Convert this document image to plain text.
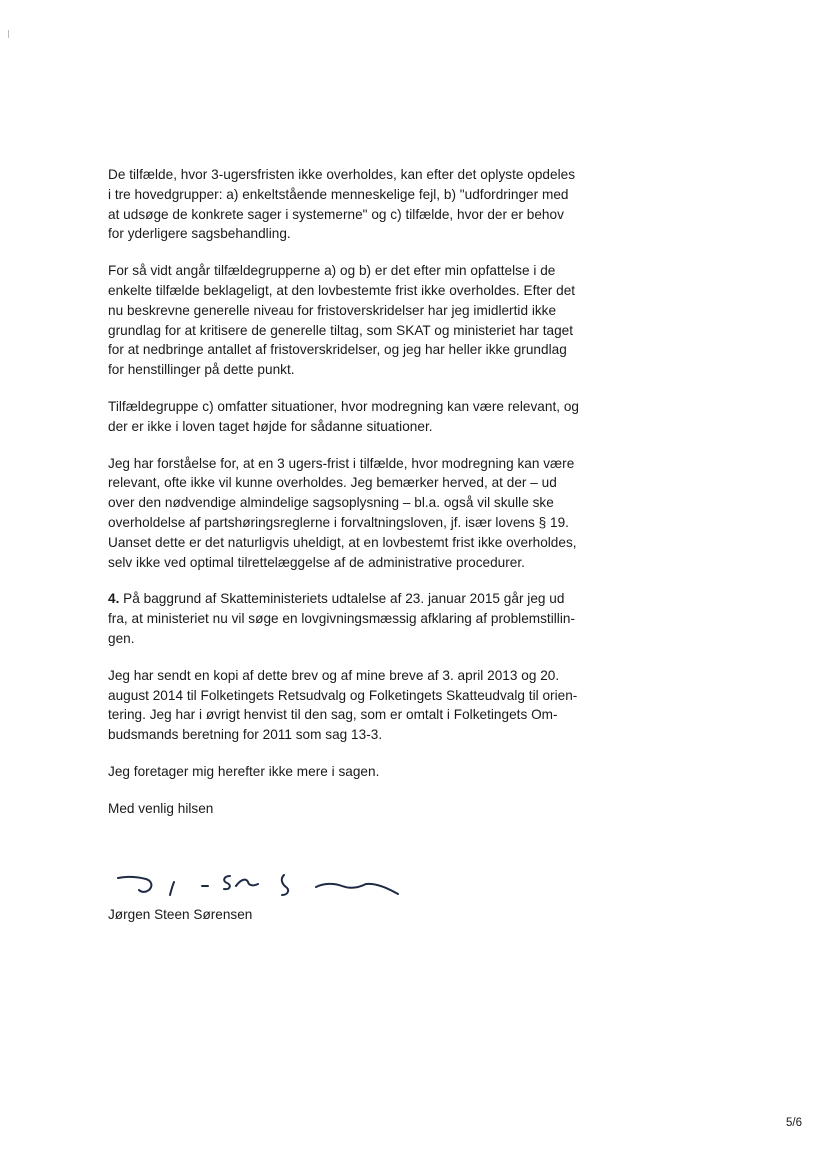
De tilfælde, hvor 3-ugersfristen ikke overholdes, kan efter det oplyste opdeles
i tre hovedgrupper: a) enkeltstående menneskelige fejl, b) "udfordringer med
at udsøge de konkrete sager i systemerne" og c) tilfælde, hvor der er behov
for yderligere sagsbehandling.

For så vidt angår tilfældegrupperne a) og b) er det efter min opfattelse i de
enkelte tilfælde beklageligt, at den lovbestemte frist ikke overholdes. Efter det
nu beskrevne generelle niveau for fristoverskridelser har jeg imidlertid ikke
grundlag for at kritisere de generelle tiltag, som SKAT og ministeriet har taget
for at nedbringe antallet af fristoverskridelser, og jeg har heller ikke grundlag
for henstillinger på dette punkt.

Tilfældegruppe c) omfatter situationer, hvor modregning kan være relevant, og
der er ikke i loven taget højde for sådanne situationer.

Jeg har forståelse for, at en 3 ugers-frist i tilfælde, hvor modregning kan være
relevant, ofte ikke vil kunne overholdes. Jeg bemærker herved, at der – ud
over den nødvendige almindelige sagsoplysning – bl.a. også vil skulle ske
overholdelse af partshøringsreglerne i forvaltningsloven, jf. især lovens § 19.
Uanset dette er det naturligvis uheldigt, at en lovbestemt frist ikke overholdes,
selv ikke ved optimal tilrettelæggelse af de administrative procedurer.

4. På baggrund af Skatteministeriets udtalelse af 23. januar 2015 går jeg ud
fra, at ministeriet nu vil søge en lovgivningsmæssig afklaring af problemstillin-
gen.

Jeg har sendt en kopi af dette brev og af mine breve af 3. april 2013 og 20.
august 2014 til Folketingets Retsudvalg og Folketingets Skatteudvalg til orien-
tering. Jeg har i øvrigt henvist til den sag, som er omtalt i Folketingets Om-
budsmands beretning for 2011 som sag 13-3.

Jeg foretager mig herefter ikke mere i sagen.

Med venlig hilsen

Jørgen Steen Sørensen
5/6
